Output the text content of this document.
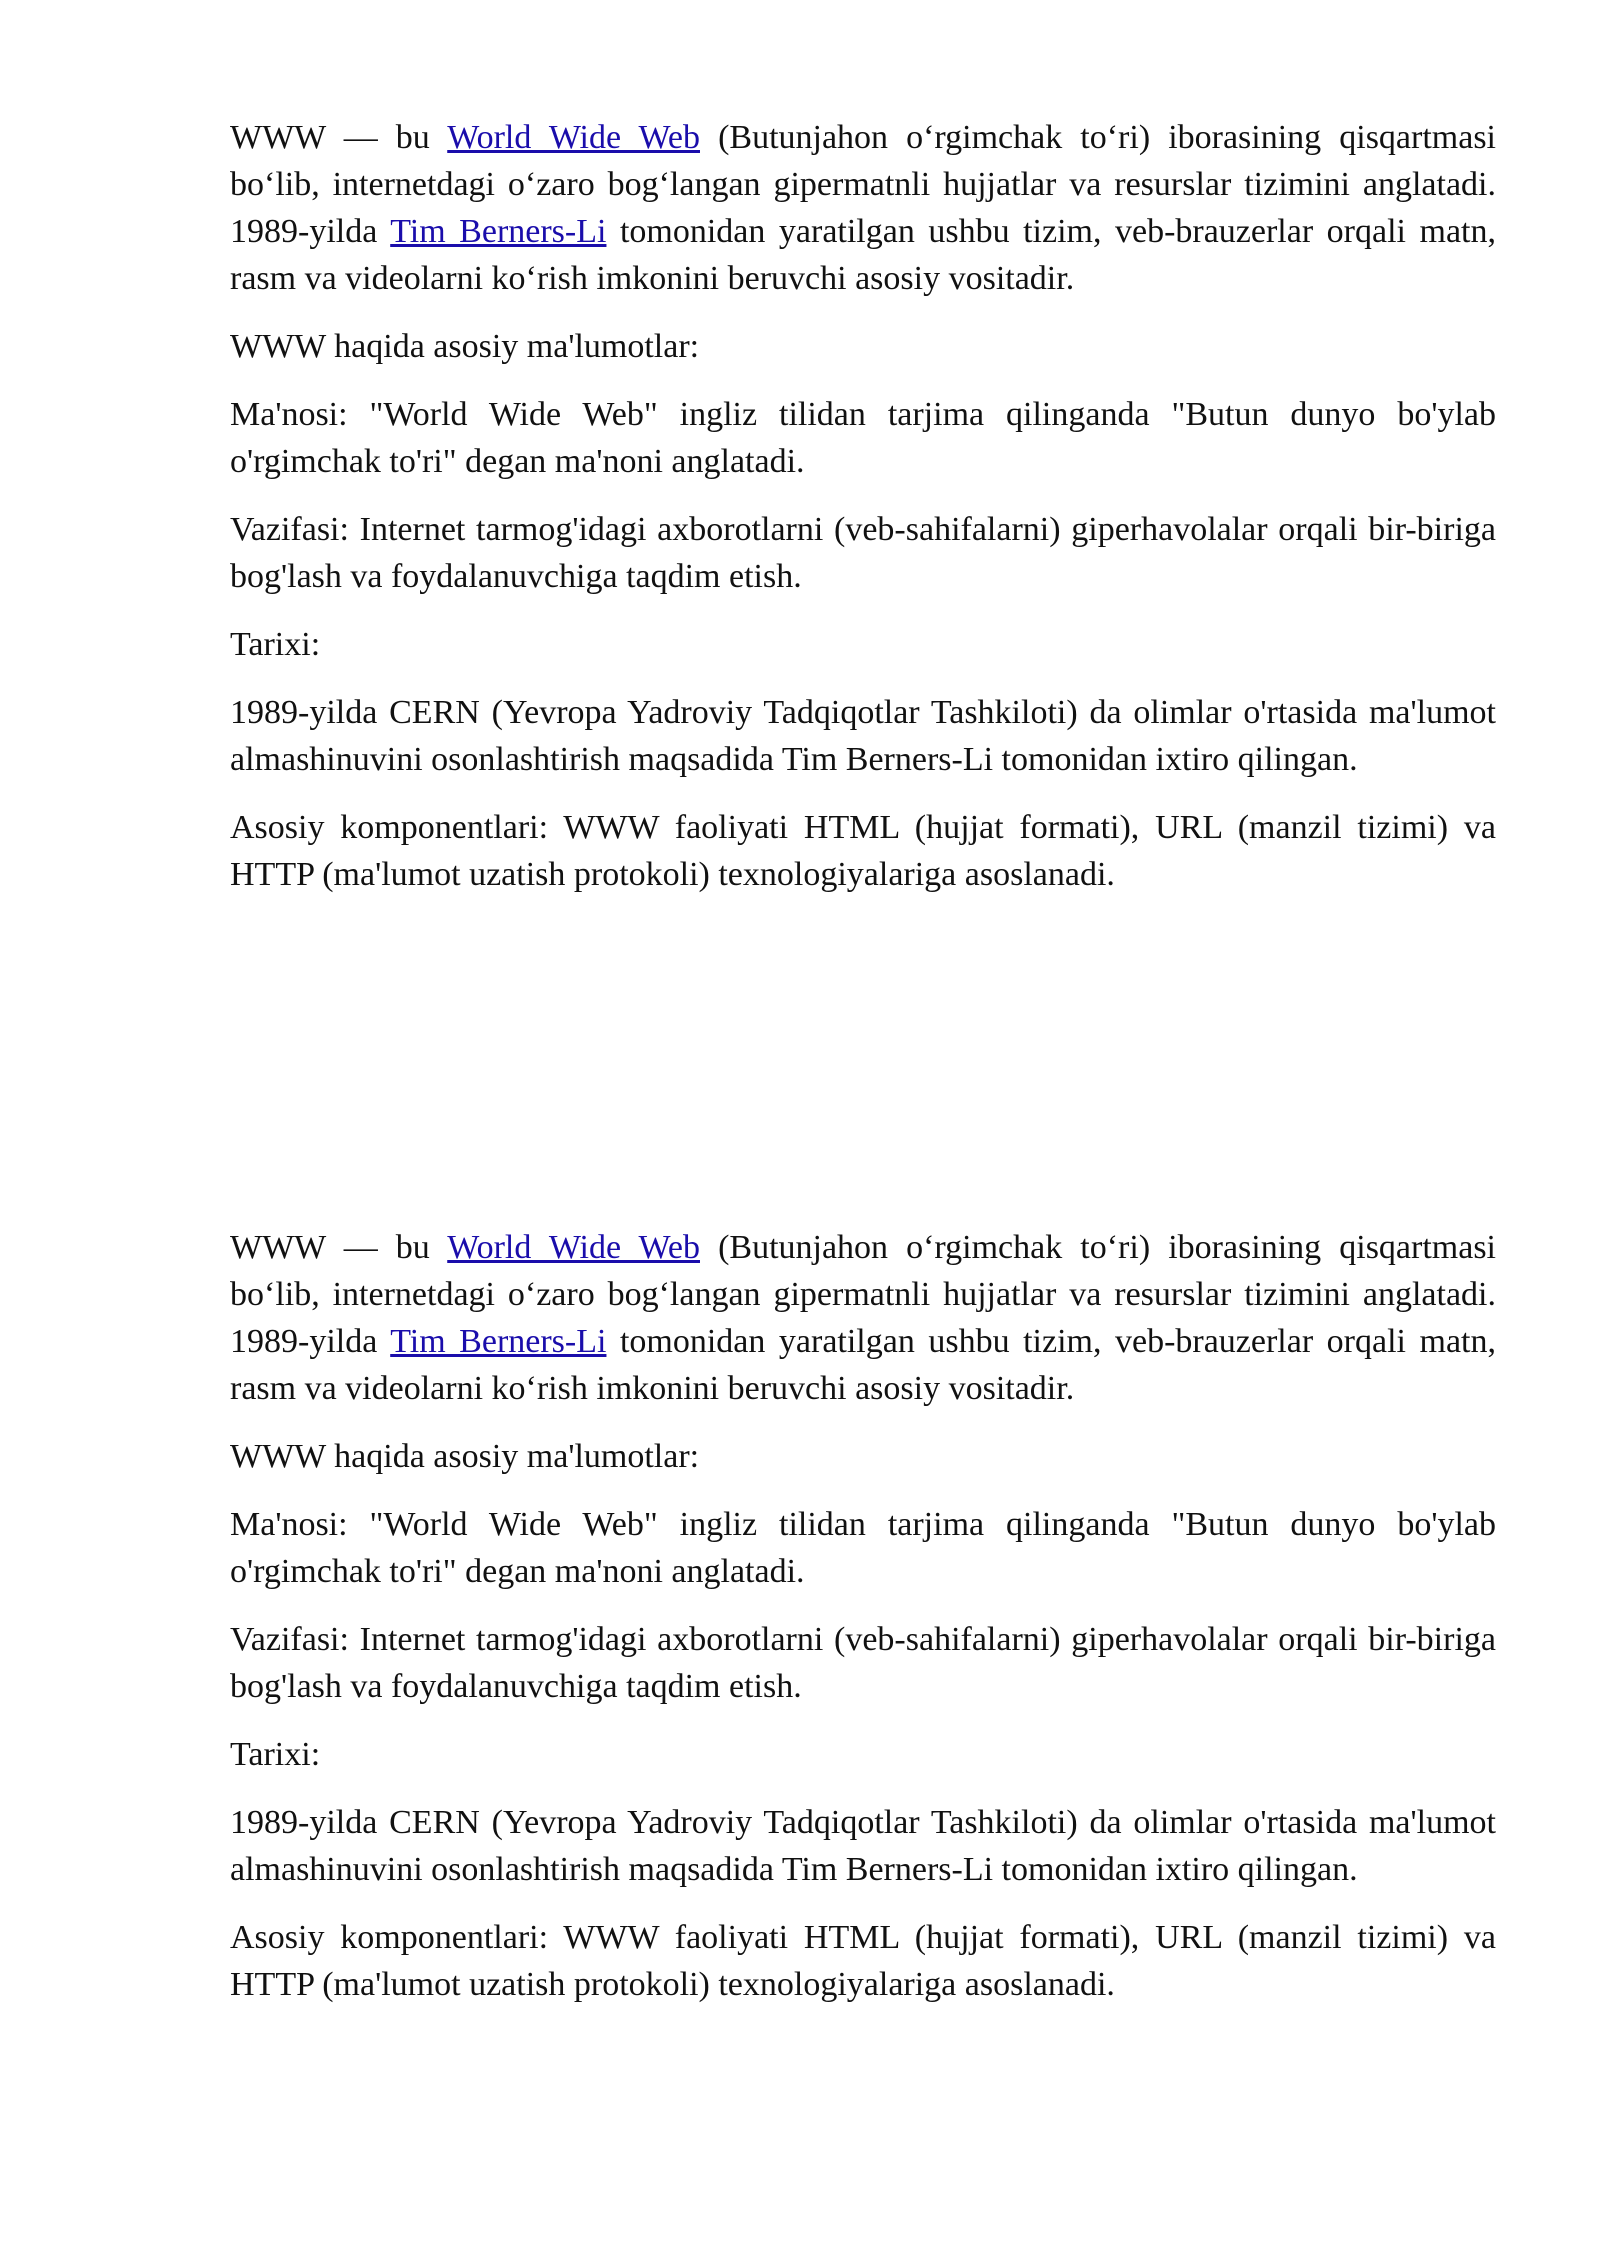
WWW — bu World Wide Web (Butunjahon o‘rgimchak to‘ri) iborasining qisqartmasi bo‘lib, internetdagi o‘zaro bog‘langan gipermatnli hujjatlar va resurslar tizimini anglatadi. 1989-yilda Tim Berners-Li tomonidan yaratilgan ushbu tizim, veb-brauzerlar orqali matn, rasm va videolarni ko‘rish imkonini beruvchi asosiy vositadir.

WWW haqida asosiy ma'lumotlar:

Ma'nosi: "World Wide Web" ingliz tilidan tarjima qilinganda "Butun dunyo bo'ylab o'rgimchak to'ri" degan ma'noni anglatadi.

Vazifasi: Internet tarmog'idagi axborotlarni (veb-sahifalarni) giperhavolalar orqali bir-biriga bog'lash va foydalanuvchiga taqdim etish.

Tarixi:

1989-yilda CERN (Yevropa Yadroviy Tadqiqotlar Tashkiloti) da olimlar o'rtasida ma'lumot almashinuvini osonlashtirish maqsadida Tim Berners-Li tomonidan ixtiro qilingan.

Asosiy komponentlari: WWW faoliyati HTML (hujjat formati), URL (manzil tizimi) va HTTP (ma'lumot uzatish protokoli) texnologiyalariga asoslanadi.

WWW — bu World Wide Web (Butunjahon o‘rgimchak to‘ri) iborasining qisqartmasi bo‘lib, internetdagi o‘zaro bog‘langan gipermatnli hujjatlar va resurslar tizimini anglatadi. 1989-yilda Tim Berners-Li tomonidan yaratilgan ushbu tizim, veb-brauzerlar orqali matn, rasm va videolarni ko‘rish imkonini beruvchi asosiy vositadir.

WWW haqida asosiy ma'lumotlar:

Ma'nosi: "World Wide Web" ingliz tilidan tarjima qilinganda "Butun dunyo bo'ylab o'rgimchak to'ri" degan ma'noni anglatadi.

Vazifasi: Internet tarmog'idagi axborotlarni (veb-sahifalarni) giperhavolalar orqali bir-biriga bog'lash va foydalanuvchiga taqdim etish.

Tarixi:

1989-yilda CERN (Yevropa Yadroviy Tadqiqotlar Tashkiloti) da olimlar o'rtasida ma'lumot almashinuvini osonlashtirish maqsadida Tim Berners-Li tomonidan ixtiro qilingan.

Asosiy komponentlari: WWW faoliyati HTML (hujjat formati), URL (manzil tizimi) va HTTP (ma'lumot uzatish protokoli) texnologiyalariga asoslanadi.
